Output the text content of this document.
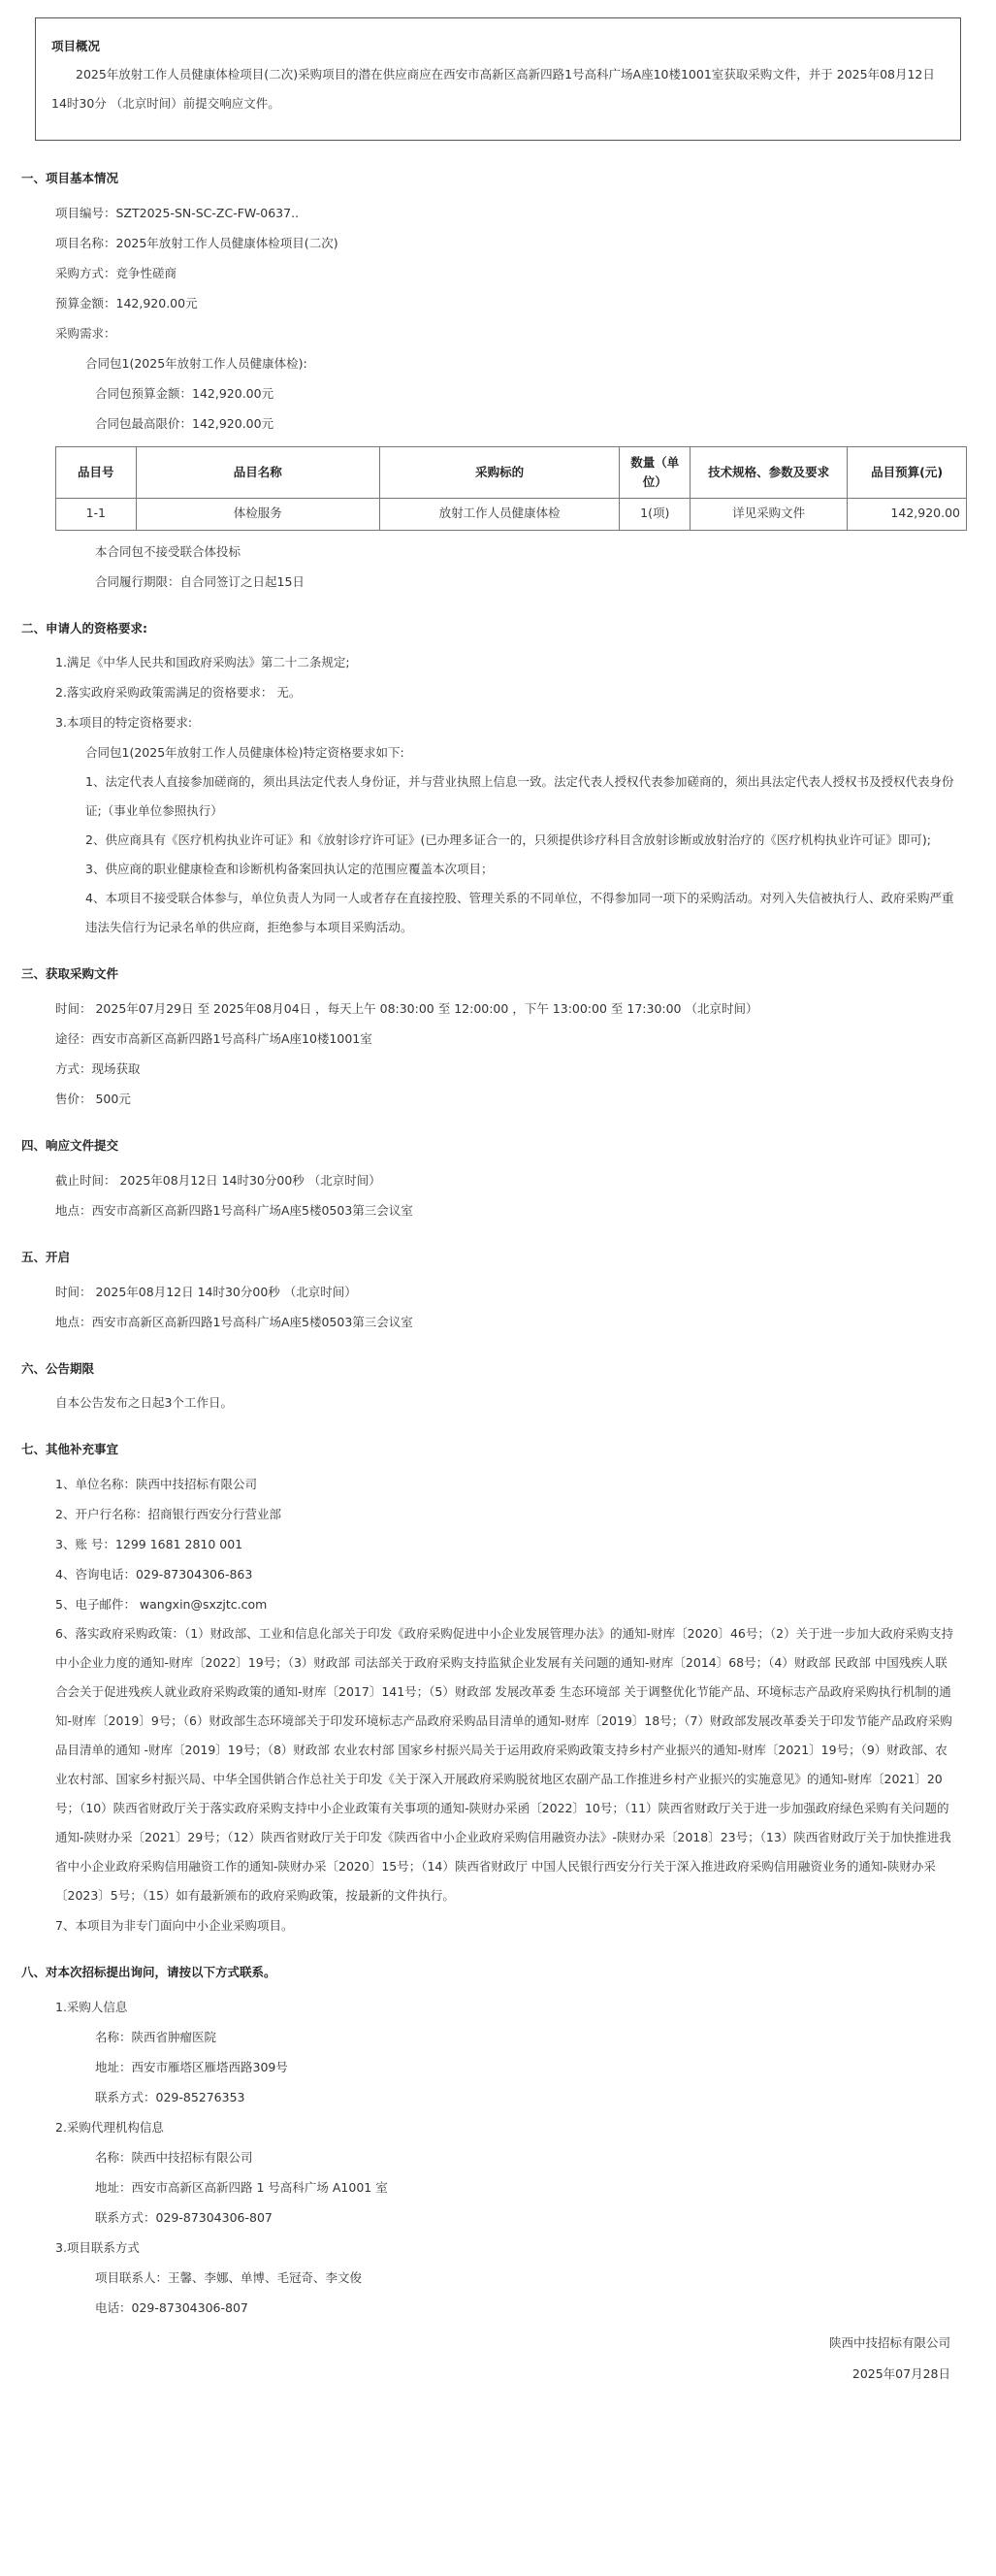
项目概况
2025年放射工作人员健康体检项目(二次)采购项目的潜在供应商应在西安市高新区高新四路1号高科广场A座10楼1001室获取采购文件，并于 2025年08月12日 14时30分 （北京时间）前提交响应文件。
一、项目基本情况
项目编号：SZT2025-SN-SC-ZC-FW-0637..
项目名称：2025年放射工作人员健康体检项目(二次)
采购方式：竞争性磋商
预算金额：142,920.00元
采购需求：
合同包1(2025年放射工作人员健康体检):
合同包预算金额：142,920.00元
合同包最高限价：142,920.00元
品目号	品目名称	采购标的	数量（单位）	技术规格、参数及要求	品目预算(元)
1-1	体检服务	放射工作人员健康体检	1(项)	详见采购文件	142,920.00
本合同包不接受联合体投标
合同履行期限：自合同签订之日起15日
二、申请人的资格要求:
1.满足《中华人民共和国政府采购法》第二十二条规定;
2.落实政府采购政策需满足的资格要求： 无。
3.本项目的特定资格要求:
合同包1(2025年放射工作人员健康体检)特定资格要求如下:
1、法定代表人直接参加磋商的，须出具法定代表人身份证，并与营业执照上信息一致。法定代表人授权代表参加磋商的，须出具法定代表人授权书及授权代表身份证;（事业单位参照执行）
2、供应商具有《医疗机构执业许可证》和《放射诊疗许可证》(已办理多证合一的，只须提供诊疗科目含放射诊断或放射治疗的《医疗机构执业许可证》即可);
3、供应商的职业健康检查和诊断机构备案回执认定的范围应覆盖本次项目；
4、本项目不接受联合体参与，单位负责人为同一人或者存在直接控股、管理关系的不同单位，不得参加同一项下的采购活动。对列入失信被执行人、政府采购严重违法失信行为记录名单的供应商，拒绝参与本项目采购活动。
三、获取采购文件
时间： 2025年07月29日 至 2025年08月04日 ，每天上午 08:30:00 至 12:00:00 ，下午 13:00:00 至 17:30:00 （北京时间）
途径：西安市高新区高新四路1号高科广场A座10楼1001室
方式：现场获取
售价： 500元
四、响应文件提交
截止时间： 2025年08月12日 14时30分00秒 （北京时间）
地点：西安市高新区高新四路1号高科广场A座5楼0503第三会议室
五、开启
时间： 2025年08月12日 14时30分00秒 （北京时间）
地点：西安市高新区高新四路1号高科广场A座5楼0503第三会议室
六、公告期限
自本公告发布之日起3个工作日。
七、其他补充事宜
1、单位名称：陕西中技招标有限公司
2、开户行名称：招商银行西安分行营业部
3、账 号：1299 1681 2810 001
4、咨询电话：029-87304306-863
5、电子邮件： wangxin@sxzjtc.com
6、落实政府采购政策：（1）财政部、工业和信息化部关于印发《政府采购促进中小企业发展管理办法》的通知-财库〔2020〕46号；（2）关于进一步加大政府采购支持中小企业力度的通知-财库〔2022〕19号；（3）财政部 司法部关于政府采购支持监狱企业发展有关问题的通知-财库〔2014〕68号；（4）财政部 民政部 中国残疾人联合会关于促进残疾人就业政府采购政策的通知-财库〔2017〕141号；（5）财政部 发展改革委 生态环境部 关于调整优化节能产品、环境标志产品政府采购执行机制的通知-财库〔2019〕9号；（6）财政部生态环境部关于印发环境标志产品政府采购品目清单的通知-财库〔2019〕18号；（7）财政部发展改革委关于印发节能产品政府采购品目清单的通知 -财库〔2019〕19号；（8）财政部 农业农村部 国家乡村振兴局关于运用政府采购政策支持乡村产业振兴的通知-财库〔2021〕19号；（9）财政部、农业农村部、国家乡村振兴局、中华全国供销合作总社关于印发《关于深入开展政府采购脱贫地区农副产品工作推进乡村产业振兴的实施意见》的通知-财库〔2021〕20号；（10）陕西省财政厅关于落实政府采购支持中小企业政策有关事项的通知-陕财办采函〔2022〕10号；（11）陕西省财政厅关于进一步加强政府绿色采购有关问题的通知-陕财办采〔2021〕29号；（12）陕西省财政厅关于印发《陕西省中小企业政府采购信用融资办法》-陕财办采〔2018〕23号；（13）陕西省财政厅关于加快推进我省中小企业政府采购信用融资工作的通知-陕财办采〔2020〕15号；（14）陕西省财政厅 中国人民银行西安分行关于深入推进政府采购信用融资业务的通知-陕财办采〔2023〕5号；（15）如有最新颁布的政府采购政策，按最新的文件执行。
7、本项目为非专门面向中小企业采购项目。
八、对本次招标提出询问，请按以下方式联系。
1.采购人信息
名称：陕西省肿瘤医院
地址：西安市雁塔区雁塔西路309号
联系方式：029-85276353
2.采购代理机构信息
名称：陕西中技招标有限公司
地址：西安市高新区高新四路 1 号高科广场 A1001 室
联系方式：029-87304306-807
3.项目联系方式
项目联系人：王馨、李娜、单博、毛冠奇、李文俊
电话：029-87304306-807
陕西中技招标有限公司
2025年07月28日
